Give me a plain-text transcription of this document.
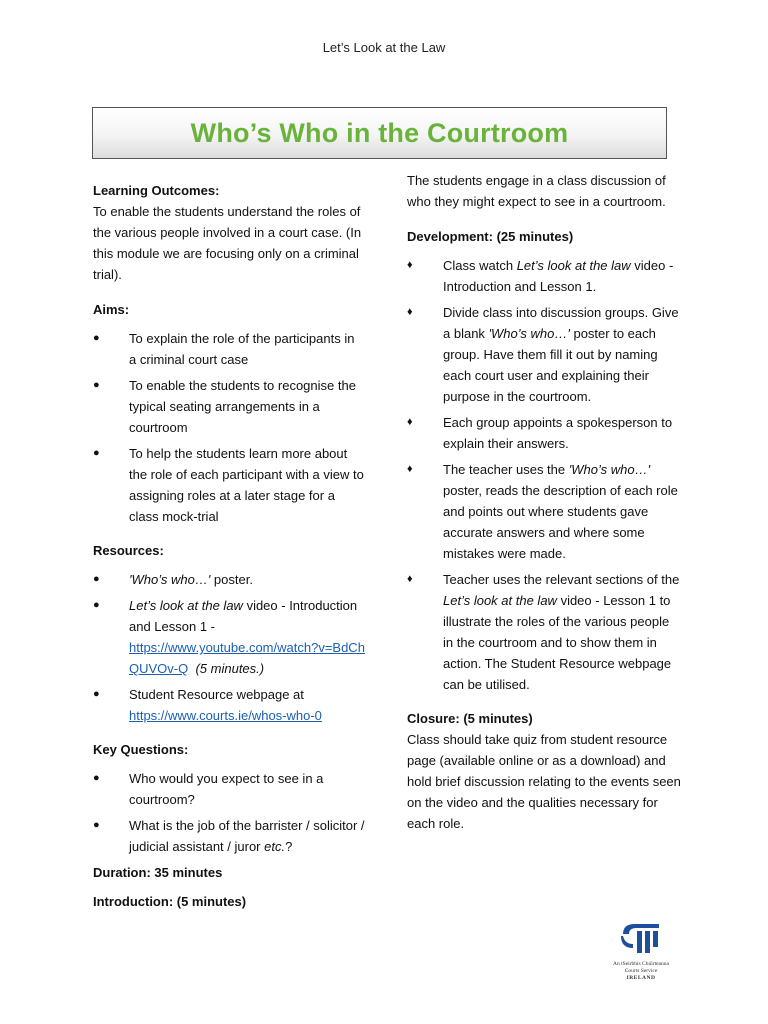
Let’s Look at the Law
Who’s Who in the Courtroom

Learning Outcomes:

To enable the students understand the roles of the various people involved in a court case. (In this module we are focusing only on a criminal trial).

Aims:

● To explain the role of the participants in a criminal court case
● To enable the students to recognise the typical seating arrangements in a courtroom
● To help the students learn more about the role of each participant with a view to assigning roles at a later stage for a class mock-trial

Resources:

● 'Who’s who…' poster.
● Let’s look at the law video - Introduction and Lesson 1 -
https://www.youtube.com/watch?v=BdChQUVOv-Q (5 minutes.)
● Student Resource webpage at
https://www.courts.ie/whos-who-0

Key Questions:

● Who would you expect to see in a courtroom?
● What is the job of the barrister / solicitor / judicial assistant / juror etc.?

Duration: 35 minutes

Introduction: (5 minutes)

The students engage in a class discussion of who they might expect to see in a courtroom.

Development: (25 minutes)

♦ Class watch Let’s look at the law video - Introduction and Lesson 1.
♦ Divide class into discussion groups. Give a blank 'Who’s who…' poster to each group. Have them fill it out by naming each court user and explaining their purpose in the courtroom.
♦ Each group appoints a spokesperson to explain their answers.
♦ The teacher uses the 'Who’s who…' poster, reads the description of each role and points out where students gave accurate answers and where some mistakes were made.
♦ Teacher uses the relevant sections of the Let’s look at the law video - Lesson 1 to illustrate the roles of the various people in the courtroom and to show them in action. The Student Resource webpage can be utilised.

Closure: (5 minutes)

Class should take quiz from student resource page (available online or as a download) and hold brief discussion relating to the events seen on the video and the qualities necessary for each role.

An tSeirbhís Chúirteanna
Courts Service
IRELAND
